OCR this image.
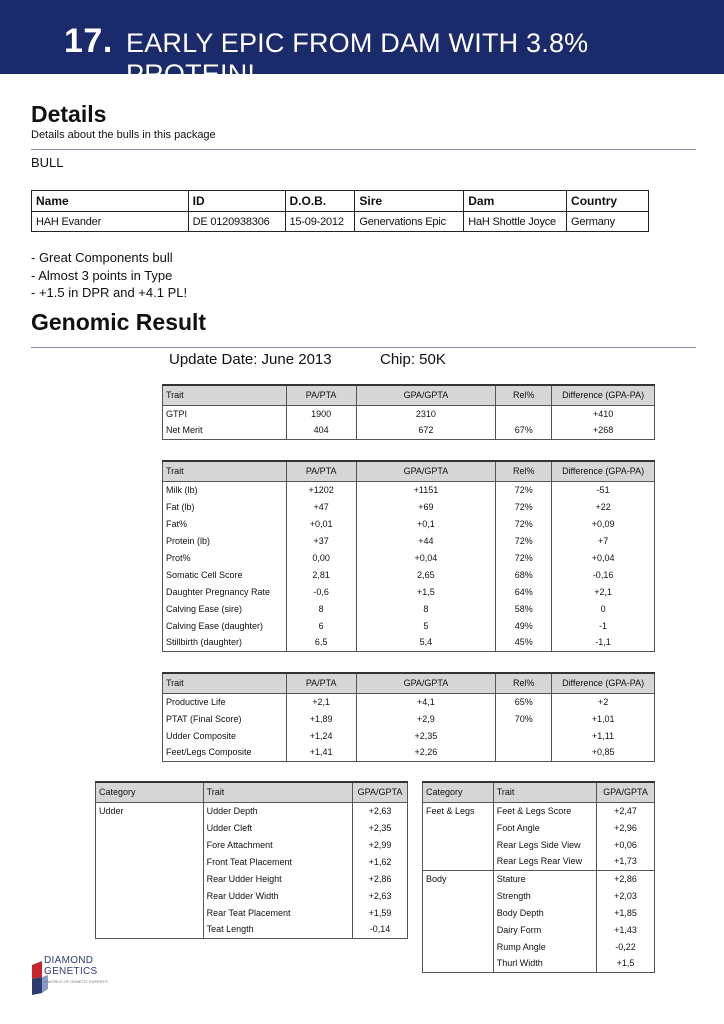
17. EARLY EPIC FROM DAM WITH 3.8% PROTEIN!
Details
Details about the bulls in this package
BULL
Name	ID	D.O.B.	Sire	Dam	Country
HAH Evander	DE 0120938306	15-09-2012	Genervations Epic	HaH Shottle Joyce	Germany
- Great Components bull
- Almost 3 points in Type
- +1.5 in DPR and +4.1 PL!
Genomic Result
Update Date: June 2013	Chip: 50K
Trait	PA/PTA	GPA/GPTA	Rel%	Difference (GPA-PA)
GTPI	1900	2310		+410
Net Merit	404	672	67%	+268
Trait	PA/PTA	GPA/GPTA	Rel%	Difference (GPA-PA)
Milk (lb)	+1202	+1151	72%	-51
Fat (lb)	+47	+69	72%	+22
Fat%	+0,01	+0,1	72%	+0,09
Protein (lb)	+37	+44	72%	+7
Prot%	0,00	+0,04	72%	+0,04
Somatic Cell Score	2,81	2,65	68%	-0,16
Daughter Pregnancy Rate	-0,6	+1,5	64%	+2,1
Calving Ease (sire)	8	8	58%	0
Calving Ease (daughter)	6	5	49%	-1
Stillbirth (daughter)	6,5	5,4	45%	-1,1
Trait	PA/PTA	GPA/GPTA	Rel%	Difference (GPA-PA)
Productive Life	+2,1	+4,1	65%	+2
PTAT (Final Score)	+1,89	+2,9	70%	+1,01
Udder Composite	+1,24	+2,35		+1,11
Feet/Legs Composite	+1,41	+2,26		+0,85
Category	Trait	GPA/GPTA
Udder	Udder Depth	+2,63
	Udder Cleft	+2,35
	Fore Attachment	+2,99
	Front Teat Placement	+1,62
	Rear Udder Height	+2,86
	Rear Udder Width	+2,63
	Rear Teat Placement	+1,59
	Teat Length	-0,14
Category	Trait	GPA/GPTA
Feet & Legs	Feet & Legs Score	+2,47
	Foot Angle	+2,96
	Rear Legs Side View	+0,06
	Rear Legs Rear View	+1,73
Body	Stature	+2,86
	Strength	+2,03
	Body Depth	+1,85
	Dairy Form	+1,43
	Rump Angle	-0,22
	Thurl Width	+1,5
DIAMOND
GENETICS
A WORLD OF GENETIC EXPERTS
